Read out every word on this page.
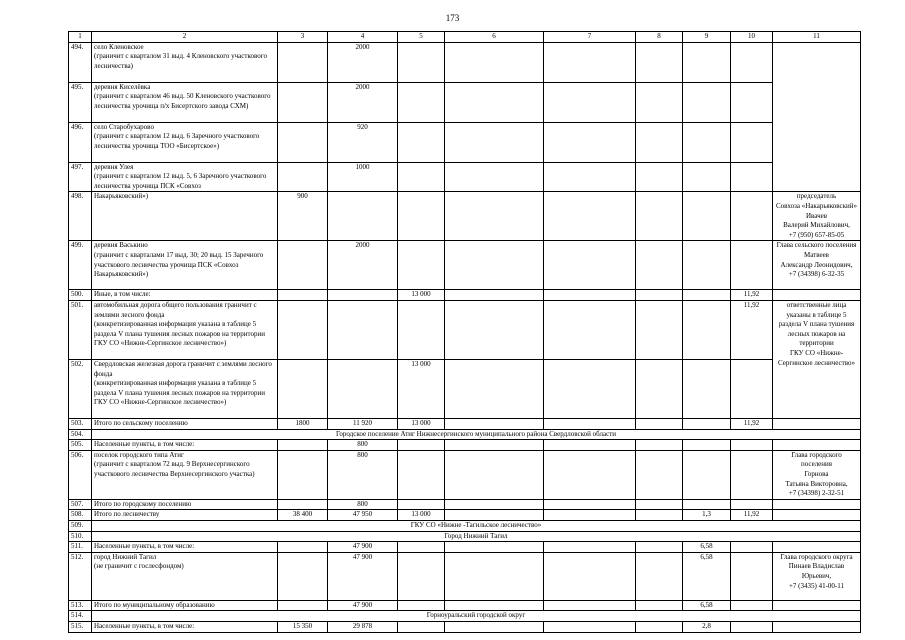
173
1	2	3	4	5	6	7	8	9	10	11
494.	село Кленовское
(граничит с кварталом 31 выд. 4 Кленовского участкового лесничества)		2000							
495.	деревня Киселёвка
(граничит с кварталом 46 выд. 50 Кленовского участкового лесничества урочища п/х Бисертского завода СХМ)		2000							
496.	село Старобухарово
(граничит с кварталом 12 выд. 6 Заречного участкового лесничества урочища ТОО «Бисертское»)		920							
497.	деревня Улея
(граничит с кварталом 12 выд. 5, 6 Заречного участкового лесничества урочища ПСК «Совхоз		1000							
498.	Накарьяковский»)	900								председатель
Совхоза «Накарьяковский»
Ивачев
Валерий Михайлович,
+7 (950) 657-85-05
499.	деревня Васькино
(граничит с кварталами 17 выд. 30; 20 выд. 15 Заречного участкового лесничества урочища ПСК «Совхоз Накарьяковский»)		2000							Глава сельского поселения
Матвеев
Александр Леонидович,
+7 (34398) 6-32-35
500.	Иные, в том числе:			13 000					11,92	
501.	автомобильная дорога общего пользования граничит с землями лесного фонда
(конкретизированная информация указана в таблице 5 раздела V плана тушения лесных пожаров на территории ГКУ СО «Нижне-Сергинское лесничество»)								11,92	ответственные лица указаны в таблице 5 раздела V плана тушения лесных пожаров на территории
ГКУ СО «Нижне-Сергинское лесничество»
502.	Свердловская железная дорога граничит с землями лесного фонда
(конкретизированная информация указана в таблице 5 раздела V плана тушения лесных пожаров на территории ГКУ СО «Нижне-Сергинское лесничество»)			13 000						
503.	Итого по сельскому поселению	1800	11 920	13 000					11,92	
504.	Городское поселение Атиг Нижнесергинского муниципального района Свердловской области									
505.	Населенные пункты, в том числе:		800							
506.	поселок городского типа Атиг
(граничит с кварталом 72 выд. 9 Верхнесергинского участкового лесничества Верхнесергинского участка)		800							Глава городского поселения
Горнова
Татьяна Викторовна,
+7 (34398) 2-32-51
507.	Итого по городскому поселению		800							
508.	Итого по лесничеству	38 400	47 950	13 000				1,3	11,92	
509.	ГКУ СО «Нижне -Тагильское лесничество»									
510.	Город Нижний Тагил									
511.	Населенные пункты, в том числе:		47 900					6,58		
512.	город Нижний Тагил
(не граничит с гослесфондом)		47 900					6,58		Глава городского округа
Пинаев Владислав Юрьевич,
+7 (3435) 41-00-11
513.	Итого по муниципальному образованию		47 900					6,58		
514.	Горноуральский городской округ									
515.	Населенные пункты, в том числе:	15 350	29 878					2,8		
